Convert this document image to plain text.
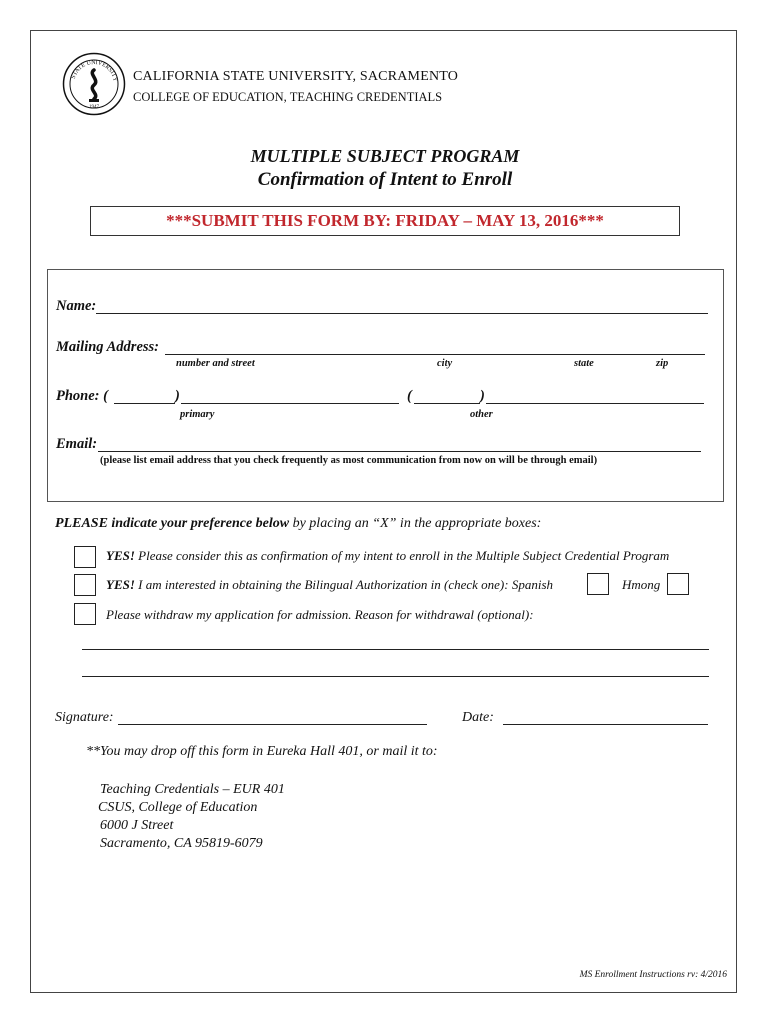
STATE UNIVERSITY
1947
CALIFORNIA STATE UNIVERSITY, SACRAMENTO
COLLEGE OF EDUCATION, TEACHING CREDENTIALS
MULTIPLE SUBJECT PROGRAM
Confirmation of Intent to Enroll
***SUBMIT THIS FORM BY: FRIDAY – MAY 13, 2016***
Name:
Mailing Address:
number and street	city	state	zip
Phone: (	)	(	)
primary	other
Email:
(please list email address that you check frequently as most communication from now on will be through email)
PLEASE indicate your preference below by placing an “X” in the appropriate boxes:
YES! Please consider this as confirmation of my intent to enroll in the Multiple Subject Credential Program
YES! I am interested in obtaining the Bilingual Authorization in (check one): Spanish	Hmong
Please withdraw my application for admission. Reason for withdrawal (optional):
Signature:	Date:
**You may drop off this form in Eureka Hall 401, or mail it to:
Teaching Credentials – EUR 401
CSUS, College of Education
6000 J Street
Sacramento, CA 95819-6079
MS Enrollment Instructions rv: 4/2016
